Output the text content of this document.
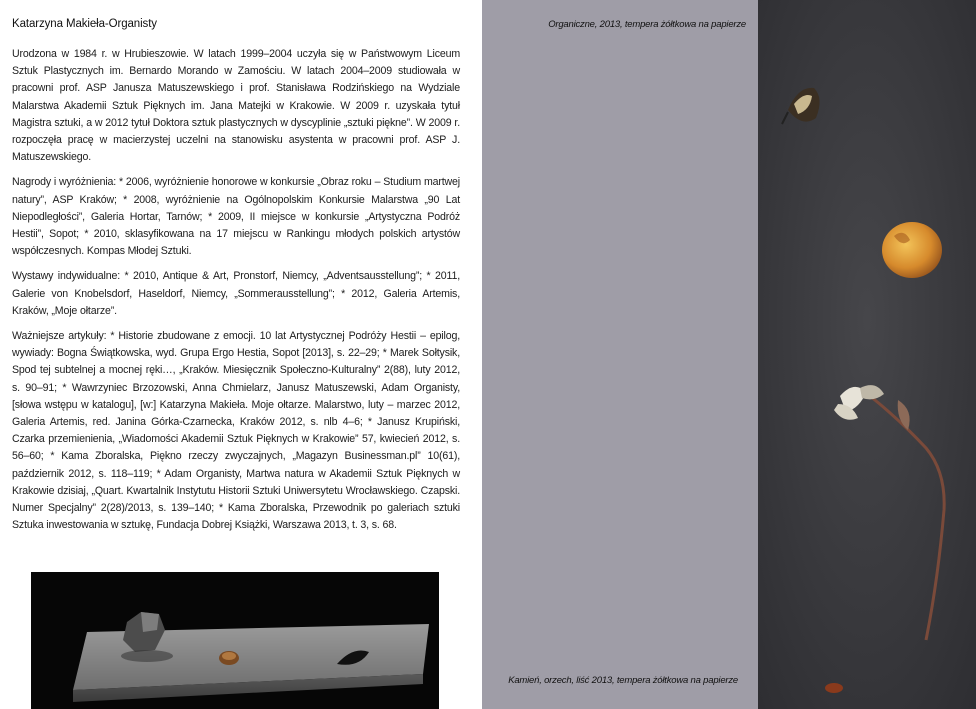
Katarzyna Makieła-Organisty

Urodzona w 1984 r. w Hrubieszowie. W latach 1999–2004 uczyła się w Państwowym Liceum Sztuk Plastycznych im. Bernardo Morando w Zamościu. W latach 2004–2009 studiowała w pracowni prof. ASP Janusza Matuszewskiego i prof. Stanisława Rodzińskiego na Wydziale Malarstwa Akademii Sztuk Pięknych im. Jana Matejki w Krakowie. W 2009 r. uzyskała tytuł Magistra sztuki, a w 2012 tytuł Doktora sztuk plastycznych w dyscyplinie „sztuki piękne”. W 2009 r. rozpoczęła pracę w macierzystej uczelni na stanowisku asystenta w pracowni prof. ASP J. Matuszewskiego.

Nagrody i wyróżnienia: * 2006, wyróżnienie honorowe w konkursie „Obraz roku – Studium martwej natury”, ASP Kraków; * 2008, wyróżnienie na Ogólnopolskim Konkursie Malarstwa „90 Lat Niepodległości”, Galeria Hortar, Tarnów; * 2009, II miejsce w konkursie „Artystyczna Podróż Hestii”, Sopot; * 2010, sklasyfikowana na 17 miejscu w Rankingu młodych polskich artystów współczesnych. Kompas Młodej Sztuki.

Wystawy indywidualne: * 2010, Antique & Art, Pronstorf, Niemcy, „Adventsausstellung”; * 2011, Galerie von Knobelsdorf, Haseldorf, Niemcy, „Sommerausstellung”; * 2012, Galeria Artemis, Kraków, „Moje ołtarze”.

Ważniejsze artykuły: * Historie zbudowane z emocji. 10 lat Artystycznej Podróży Hestii – epilog, wywiady: Bogna Świątkowska, wyd. Grupa Ergo Hestia, Sopot [2013], s. 22–29; * Marek Sołtysik, Spod tej subtelnej a mocnej ręki…, „Kraków. Miesięcznik Społeczno-Kulturalny” 2(88), luty 2012, s. 90–91; * Wawrzyniec Brzozowski, Anna Chmielarz, Janusz Matuszewski, Adam Organisty, [słowa wstępu w katalogu], [w:] Katarzyna Makieła. Moje ołtarze. Malarstwo, luty – marzec 2012, Galeria Artemis, red. Janina Górka-Czarnecka, Kraków 2012, s. nlb 4–6; * Janusz Krupiński, Czarka przemienienia, „Wiadomości Akademii Sztuk Pięknych w Krakowie” 57, kwiecień 2012, s. 56–60; * Kama Zboralska, Piękno rzeczy zwyczajnych, „Magazyn Businessman.pl” 10(61), październik 2012, s. 118–119; * Adam Organisty, Martwa natura w Akademii Sztuk Pięknych w Krakowie dzisiaj, „Quart. Kwartalnik Instytutu Historii Sztuki Uniwersytetu Wrocławskiego. Czapski. Numer Specjalny” 2(28)/2013, s. 139–140; * Kama Zboralska, Przewodnik po galeriach sztuki Sztuka inwestowania w sztukę, Fundacja Dobrej Książki, Warszawa 2013, t. 3, s. 68.

Organiczne, 2013, tempera żółtkowa na papierze
Kamień, orzech, liść 2013, tempera żółtkowa na papierze
